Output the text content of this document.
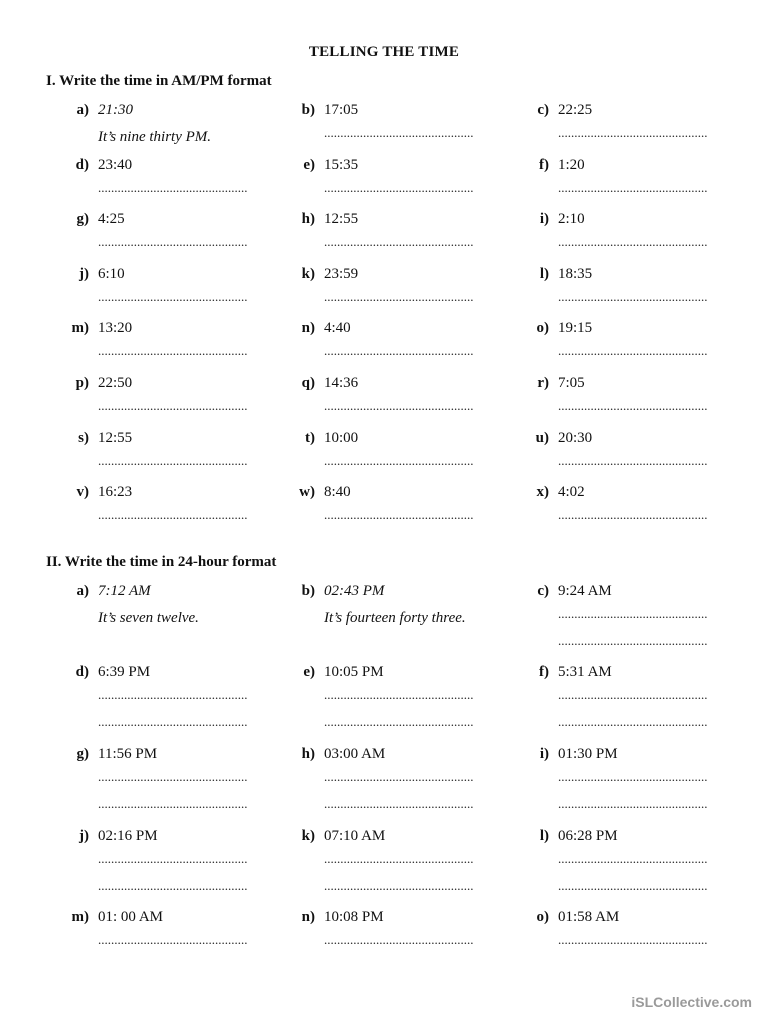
TELLING THE TIME
I. Write the time in AM/PM format
a) 21:30
It’s nine thirty PM.
b) 17:05
..............................................
c) 22:25
..............................................
d) 23:40
..............................................
e) 15:35
..............................................
f) 1:20
..............................................
g) 4:25
..............................................
h) 12:55
..............................................
i) 2:10
..............................................
j) 6:10
..............................................
k) 23:59
..............................................
l) 18:35
..............................................
m) 13:20
..............................................
n) 4:40
..............................................
o) 19:15
..............................................
p) 22:50
..............................................
q) 14:36
..............................................
r) 7:05
..............................................
s) 12:55
..............................................
t) 10:00
..............................................
u) 20:30
..............................................
v) 16:23
..............................................
w) 8:40
..............................................
x) 4:02
..............................................
II. Write the time in 24-hour format
a) 7:12 AM
It’s seven twelve.
b) 02:43 PM
It’s fourteen forty three.
c) 9:24 AM
..............................................
..............................................
d) 6:39 PM
..............................................
..............................................
e) 10:05 PM
..............................................
..............................................
f) 5:31 AM
..............................................
..............................................
g) 11:56 PM
..............................................
..............................................
h) 03:00 AM
..............................................
..............................................
i) 01:30 PM
..............................................
..............................................
j) 02:16 PM
..............................................
..............................................
k) 07:10 AM
..............................................
..............................................
l) 06:28 PM
..............................................
..............................................
m) 01: 00 AM
..............................................
n) 10:08 PM
..............................................
o) 01:58 AM
..............................................
iSLCollective.com
